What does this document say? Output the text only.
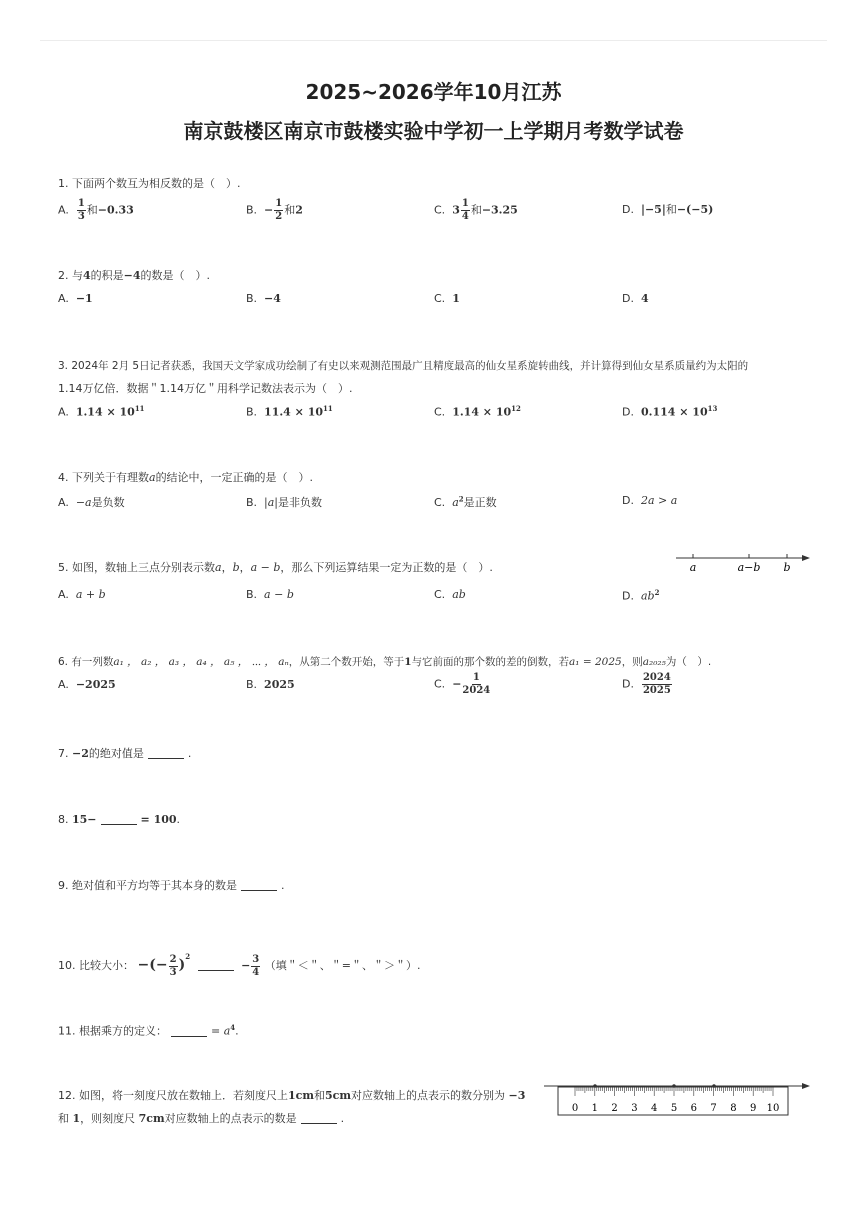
2025~2026学年10月江苏
南京鼓楼区南京市鼓楼实验中学初一上学期月考数学试卷
1. 下面两个数互为相反数的是（　）.
A. $\frac{1}{3}$ 和−0.33	B. − $\frac{1}{2}$ 和2	C. $3 \frac{1}{4}$ 和−3.25	D. |−5|和−(−5)
2. 与4的积是−4的数是（　）.
A. −1	B. −4	C. 1	D. 4
3. 2024年 2月 5日记者获悉，我国天文学家成功绘制了有史以来观测范围最广且精度最高的仙女星系旋转曲线，并计算得到仙女星系质量约为太阳的
1.14万亿倍．数据＂1.14万亿＂用科学记数法表示为（　）.
A. $1.14 \times 10^{11}$	B. $11.4 \times 10^{11}$	C. $1.14 \times 10^{12}$	D. $0.114 \times 10^{13}$
4. 下列关于有理数a的结论中，一定正确的是（　）.
A. −a是负数	B. |a|是非负数	C. $a^2$是正数	D. 2a > a
5. 如图，数轴上三点分别表示数a，b，a − b，那么下列运算结果一定为正数的是（　）.	a	a−b b
A. a + b	B. a − b	C. ab	D. $ab^2$
6. 有一列数a₁ ， a₂ ， a₃ ， a₄ ， a₅ ， ⋯ ， aₙ，从第二个数开始，等于1与它前面的那个数的差的倒数，若a₁ = 2025，则a₂₀₂₅为（　）.
A. −2025	B. 2025	C. − $\frac{1}{2024}$	D. $\frac{2024}{2025}$
7. −2的绝对值是	.
8. 15−	= 100.
9. 绝对值和平方均等于其本身的数是	.
10. 比较大小： −(− $\frac{2}{3} )^2 - \frac{3}{4}$ （填＂＜＂、＂=＂、＂＞＂）.
11. 根据乘方的定义：	= $a^4$.
12. 如图，将一刻度尺放在数轴上．若刻度尺上1cm和5cm对应数轴上的点表示的数分别为 −3
和 1，则刻度尺 7cm对应数轴上的点表示的数是	.
0 1 2 3 4 5 6 7 8 9 10
